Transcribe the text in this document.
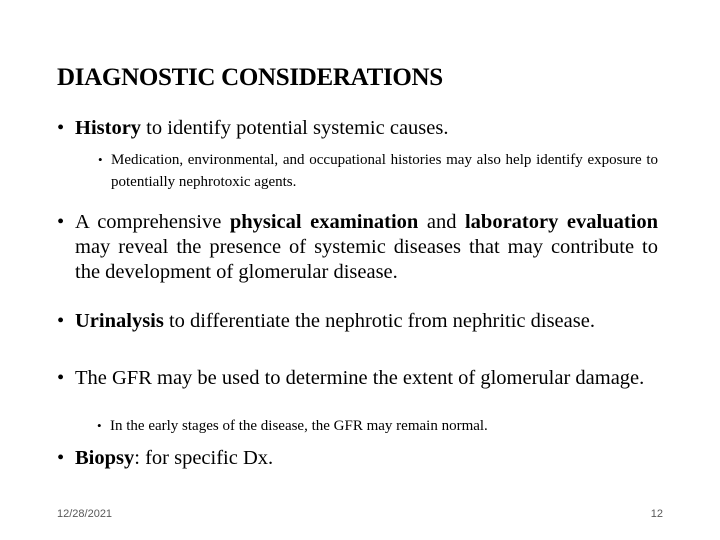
DIAGNOSTIC CONSIDERATIONS
• History to identify potential systemic causes.
• Medication, environmental, and occupational histories may also help identify exposure to potentially nephrotoxic agents.
• A comprehensive physical examination and laboratory evaluation may reveal the presence of systemic diseases that may contribute to the development of glomerular disease.
• Urinalysis to differentiate the nephrotic from nephritic disease.
• The GFR may be used to determine the extent of glomerular damage.
• In the early stages of the disease, the GFR may remain normal.
• Biopsy: for specific Dx.
12/28/2021	12
